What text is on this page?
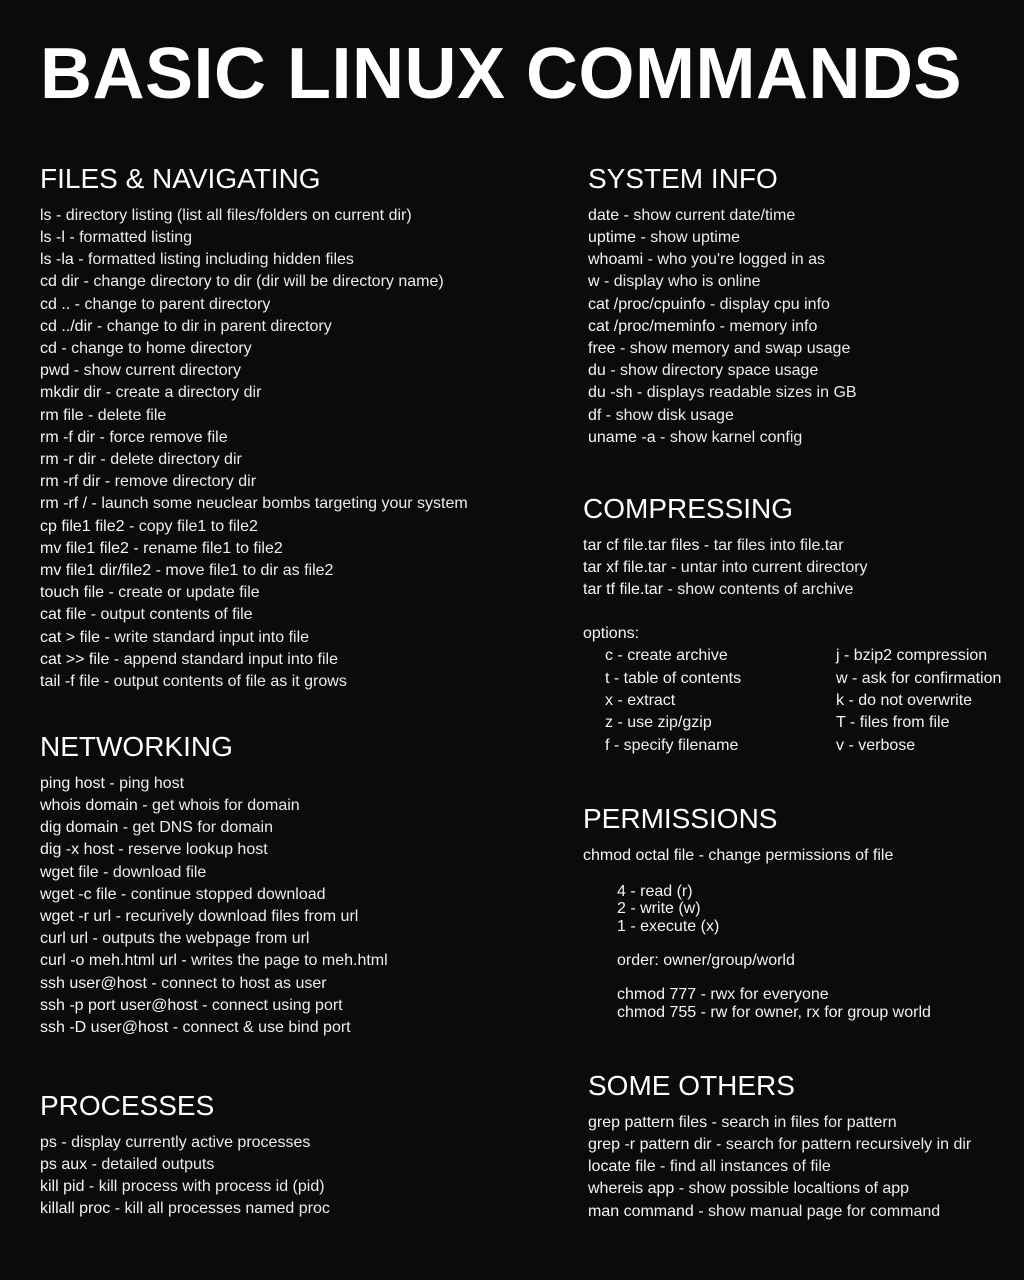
BASIC LINUX COMMANDS
FILES & NAVIGATING
ls - directory listing (list all files/folders on current dir)
ls -l - formatted listing
ls -la - formatted listing including hidden files
cd dir - change directory to dir (dir will be directory name)
cd .. - change to parent directory
cd ../dir - change to dir in parent directory
cd - change to home directory
pwd - show current directory
mkdir dir - create a directory dir
rm file - delete file
rm -f dir - force remove file
rm -r dir - delete directory dir
rm -rf dir - remove directory dir
rm -rf / - launch some neuclear bombs targeting your system
cp file1 file2 - copy file1 to file2
mv file1 file2 - rename file1 to file2
mv file1 dir/file2 - move file1 to dir as file2
touch file - create or update file
cat file - output contents of file
cat > file - write standard input into file
cat >> file - append standard input into file
tail -f file - output contents of file as it grows
NETWORKING
ping host - ping host
whois domain - get whois for domain
dig domain - get DNS for domain
dig -x host - reserve lookup host
wget file - download file
wget -c file - continue stopped download
wget -r url - recurively download files from url
curl url - outputs the webpage from url
curl -o meh.html url - writes the page to meh.html
ssh user@host - connect to host as user
ssh -p port user@host - connect using port
ssh -D user@host - connect & use bind port
PROCESSES
ps - display currently active processes
ps aux - detailed outputs
kill pid - kill process with process id (pid)
killall proc - kill all processes named proc
SYSTEM INFO
date - show current date/time
uptime - show uptime
whoami - who you're logged in as
w - display who is online
cat /proc/cpuinfo - display cpu info
cat /proc/meminfo - memory info
free - show memory and swap usage
du - show directory space usage
du -sh - displays readable sizes in GB
df - show disk usage
uname -a - show karnel config
COMPRESSING
tar cf file.tar files - tar files into file.tar
tar xf file.tar - untar into current directory
tar tf file.tar - show contents of archive
options:
c - create archive
t - table of contents
x - extract
z - use zip/gzip
f - specify filename
j - bzip2 compression
w - ask for confirmation
k - do not overwrite
T - files from file
v - verbose
PERMISSIONS
chmod octal file - change permissions of file
4 - read (r)
2 - write (w)
1 - execute (x)
order: owner/group/world
chmod 777 - rwx for everyone
chmod 755 - rw for owner, rx for group world
SOME OTHERS
grep pattern files - search in files for pattern
grep -r pattern dir - search for pattern recursively in dir
locate file - find all instances of file
whereis app - show possible localtions of app
man command - show manual page for command
